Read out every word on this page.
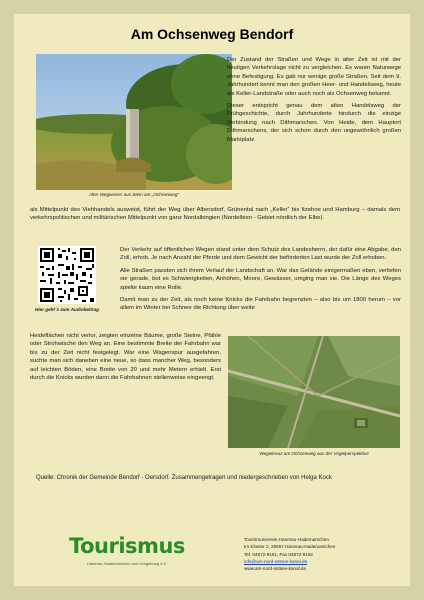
Am Ochsenweg Bendorf
Alter Wegweiser aus Stein am „Ochsenweg“

Der Zustand der Straßen und Wege in alter Zeit ist mit der heutigen Verkehrslage nicht zu vergleichen. Es waren Naturwege ohne Befestigung. Es gab nur wenige große Straßen. Seit dem 9. Jahrhundert kennt man den großen Heer- und Handelsweg, heute als Keller-Landstraße oder auch noch als Ochsenweg bekannt.

Dieser entspricht genau dem alten Handelsweg der Frühgeschichte, durch Jahrhunderte hindurch die einzige Verbindung nach Dithmarschen. Von Heide, dem Hauptort Dithmarschens, der sich schon durch den ungewöhnlich großen Marktplatz

als Mittelpunkt des Viehhandels ausweist, führt der Weg über Albersdorf, Grünental nach „Keller“ bis Itzehoe und Hamburg – damals dem verkehrspolitischen und militärischen Mittelpunkt von ganz Nordalbingien (Nordelbien - Gebiet nördlich der Elbe).

Hier geht´s zum Audiobeitrag

Der Verkehr auf öffentlichen Wegen stand unter dem Schutz des Landesherrn, der dafür eine Abgabe, den Zoll, erhob. Je nach Anzahl der Pferde und dem Gewicht der beförderten Last wurde der Zoll erhoben.

Alle Straßen passten sich ihrem Verlauf der Landschaft an. War das Gelände einigermaßen eben, verliefen sie gerade, bot es Schwierigkeiten, Anhöhen, Moore, Gewässer, umging man sie. Die Länge des Weges spielte kaum eine Rolle.

Damit man zu der Zeit, als noch keine Knicks die Fahrbahn begrenzten – also bis um 1800 herum – vor allem im Winter bei Schnee die Richtung über weite

Heideflächen nicht verlor, zeigten einzelne Bäume, große Steine, Pfähle oder Strohwische den Weg an. Eine bestimmte Breite der Fahrbahn war bis zu der Zeit nicht festgelegt. War eine Wagenspur ausgefahren, suchte man sich daneben eine neue, so dass mancher Weg, besonders auf leichten Böden, eine Breite von 20 und mehr Metern erhielt. Erst durch die Knicks wurden dann die Fahrbahnen stellenweise eingeengt.

Wegekreuz am Ochsenweg aus der Vogelperspektive
Quelle: Chronik der Gemeinde Bendorf - Oersdorf. Zusammengetragen und niedergeschrieben von Helga Kock
Tourismus
Hanerau-Hademarschen und Umgebung e.V.
Tourismusverein Hanerau-Hademarschen
Im Kloster 2, 25557 Hanerau-Hademarschen
Tel. 04872-9191, Fax 04872-9192
info@am-nord-ostsee-kanal.de
www.am-nord-ostsee-kanal.de
